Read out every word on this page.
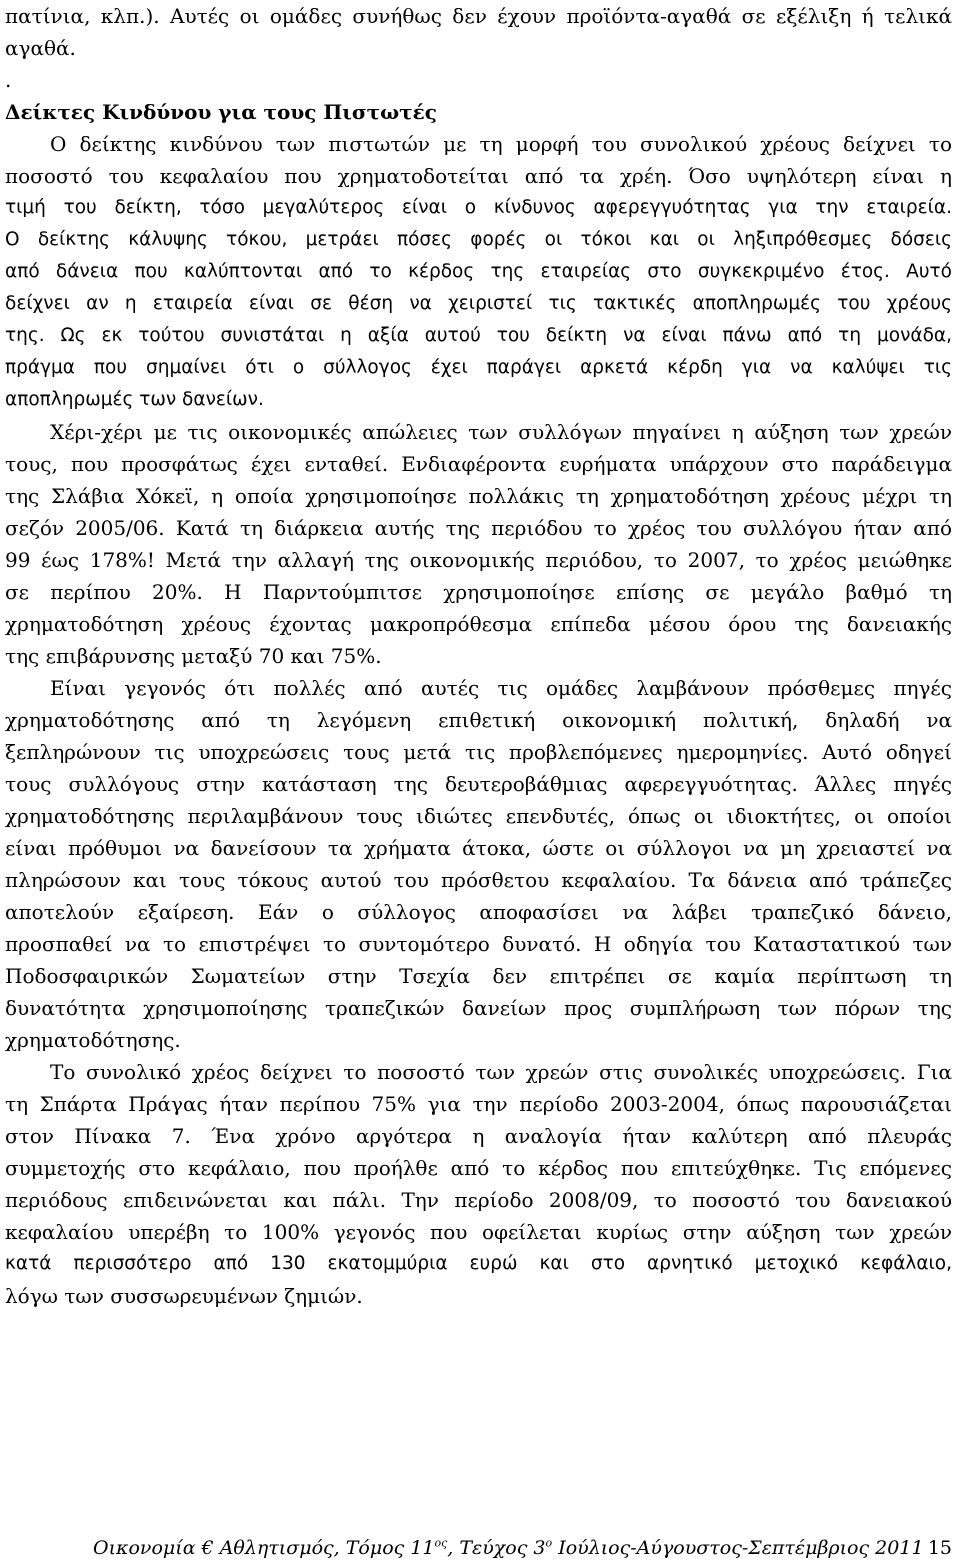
πατίνια, κλπ.). Αυτές οι ομάδες συνήθως δεν έχουν προϊόντα-αγαθά σε εξέλιξη ή τελικά
αγαθά.
.
Δείκτες Κινδύνου για τους Πιστωτές
Ο δείκτης κινδύνου των πιστωτών με τη μορφή του συνολικού χρέους δείχνει το
ποσοστό του κεφαλαίου που χρηματοδοτείται από τα χρέη. Όσο υψηλότερη είναι η
τιμή του δείκτη, τόσο μεγαλύτερος είναι ο κίνδυνος αφερεγγυότητας για την εταιρεία.
Ο δείκτης κάλυψης τόκου, μετράει πόσες φορές οι τόκοι και οι ληξιπρόθεσμες δόσεις
από δάνεια που καλύπτονται από το κέρδος της εταιρείας στο συγκεκριμένο έτος. Αυτό
δείχνει αν η εταιρεία είναι σε θέση να χειριστεί τις τακτικές αποπληρωμές του χρέους
της. Ως εκ τούτου συνιστάται η αξία αυτού του δείκτη να είναι πάνω από τη μονάδα,
πράγμα που σημαίνει ότι ο σύλλογος έχει παράγει αρκετά κέρδη για να καλύψει τις
αποπληρωμές των δανείων.
Χέρι-χέρι με τις οικονομικές απώλειες των συλλόγων πηγαίνει η αύξηση των χρεών
τους, που προσφάτως έχει ενταθεί. Ενδιαφέροντα ευρήματα υπάρχουν στο παράδειγμα
της Σλάβια Χόκεϊ, η οποία χρησιμοποίησε πολλάκις τη χρηματοδότηση χρέους μέχρι τη
σεζόν 2005/06. Κατά τη διάρκεια αυτής της περιόδου το χρέος του συλλόγου ήταν από
99 έως 178%! Μετά την αλλαγή της οικονομικής περιόδου, το 2007, το χρέος μειώθηκε
σε περίπου 20%. Η Παρντούμπιτσε χρησιμοποίησε επίσης σε μεγάλο βαθμό τη
χρηματοδότηση χρέους έχοντας μακροπρόθεσμα επίπεδα μέσου όρου της δανειακής
της επιβάρυνσης μεταξύ 70 και 75%.
Είναι γεγονός ότι πολλές από αυτές τις ομάδες λαμβάνουν πρόσθεμες πηγές
χρηματοδότησης από τη λεγόμενη επιθετική οικονομική πολιτική, δηλαδή να
ξεπληρώνουν τις υποχρεώσεις τους μετά τις προβλεπόμενες ημερομηνίες. Αυτό οδηγεί
τους συλλόγους στην κατάσταση της δευτεροβάθμιας αφερεγγυότητας. Άλλες πηγές
χρηματοδότησης περιλαμβάνουν τους ιδιώτες επενδυτές, όπως οι ιδιοκτήτες, οι οποίοι
είναι πρόθυμοι να δανείσουν τα χρήματα άτοκα, ώστε οι σύλλογοι να μη χρειαστεί να
πληρώσουν και τους τόκους αυτού του πρόσθετου κεφαλαίου. Τα δάνεια από τράπεζες
αποτελούν εξαίρεση. Εάν ο σύλλογος αποφασίσει να λάβει τραπεζικό δάνειο,
προσπαθεί να το επιστρέψει το συντομότερο δυνατό. Η οδηγία του Καταστατικού των
Ποδοσφαιρικών Σωματείων στην Τσεχία δεν επιτρέπει σε καμία περίπτωση τη
δυνατότητα χρησιμοποίησης τραπεζικών δανείων προς συμπλήρωση των πόρων της
χρηματοδότησης.
Το συνολικό χρέος δείχνει το ποσοστό των χρεών στις συνολικές υποχρεώσεις. Για
τη Σπάρτα Πράγας ήταν περίπου 75% για την περίοδο 2003-2004, όπως παρουσιάζεται
στον Πίνακα 7. Ένα χρόνο αργότερα η αναλογία ήταν καλύτερη από πλευράς
συμμετοχής στο κεφάλαιο, που προήλθε από το κέρδος που επιτεύχθηκε. Τις επόμενες
περιόδους επιδεινώνεται και πάλι. Την περίοδο 2008/09, το ποσοστό του δανειακού
κεφαλαίου υπερέβη το 100% γεγονός που οφείλεται κυρίως στην αύξηση των χρεών
κατά περισσότερο από 130 εκατομμύρια ευρώ και στο αρνητικό μετοχικό κεφάλαιο,
λόγω των συσσωρευμένων ζημιών.
Οικονομία € Αθλητισμός, Τόμος $11^{o\varsigma}$, Τεύχος $3^o$ Ιούλιος-Αύγουστος-Σεπτέμβριος 2011 15
